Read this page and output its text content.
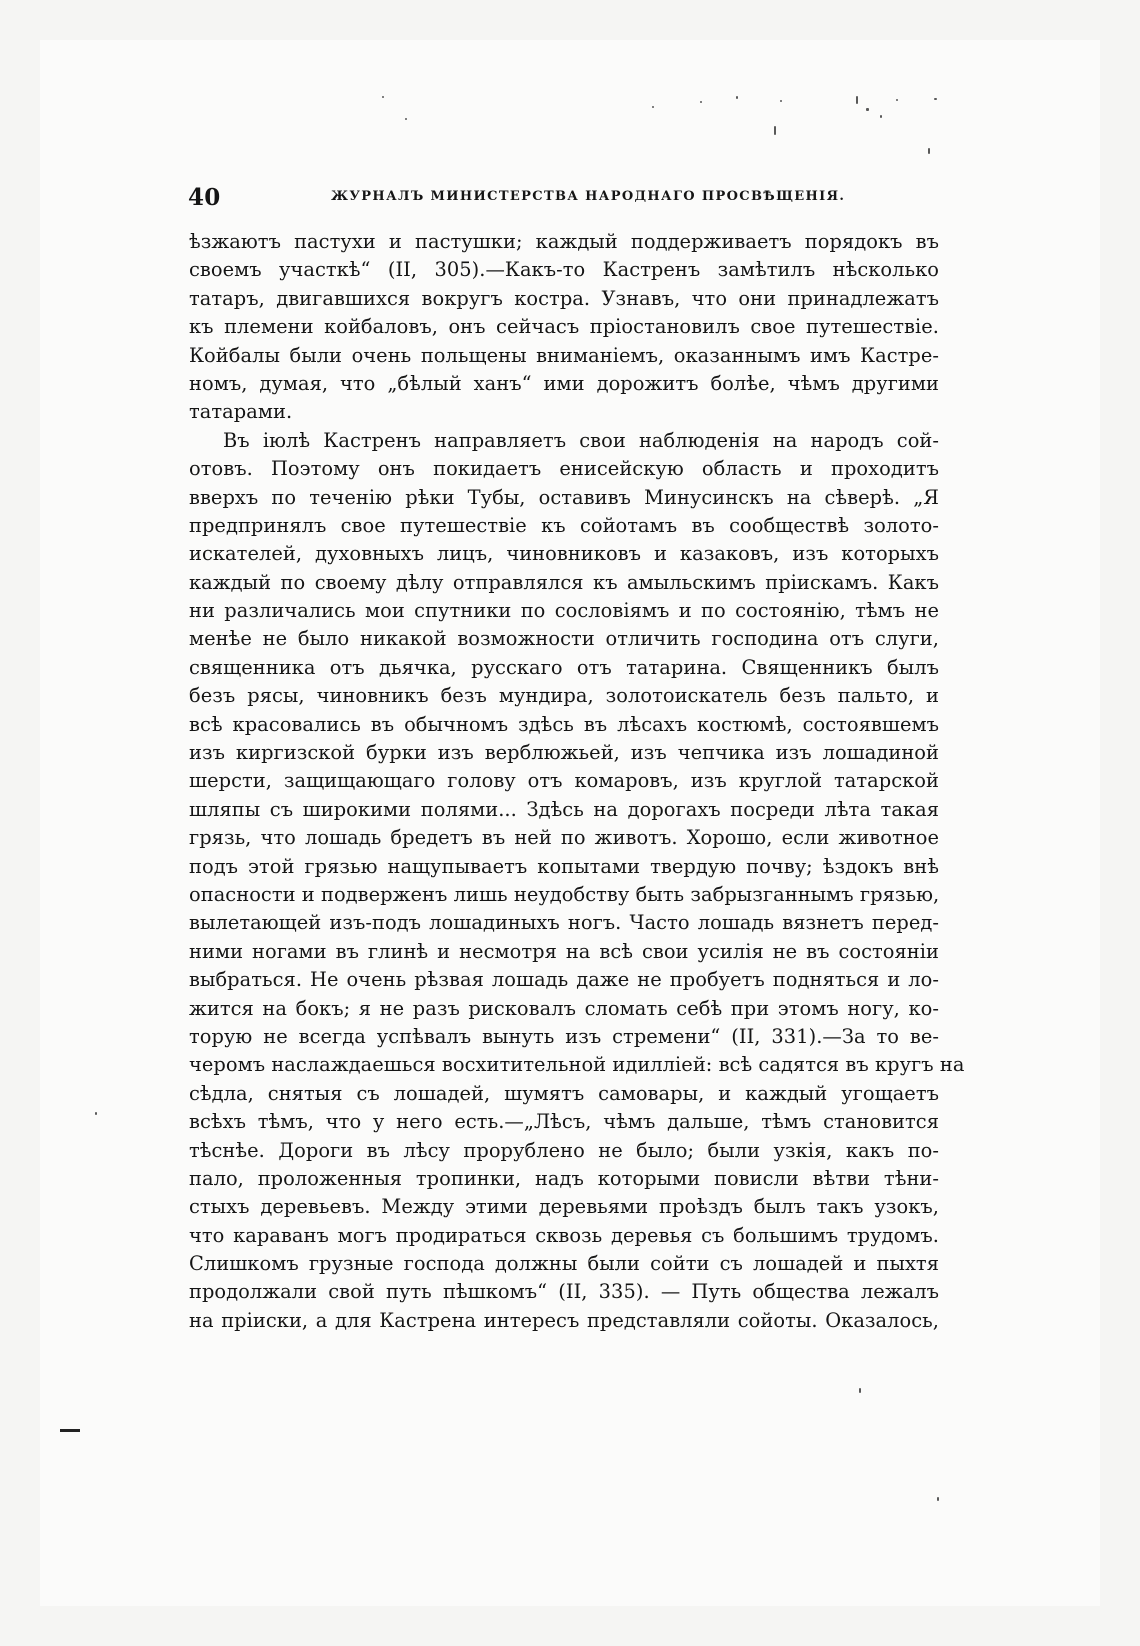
40	ЖУРНАЛЪ МИНИСТЕРСТВА НАРОДНАГО ПРОСВѢЩЕНІЯ.
ѣзжаютъ пастухи и пастушки; каждый поддерживаетъ порядокъ въ
своемъ участкѣ“ (II, 305).—Какъ-то Кастренъ замѣтилъ нѣсколько
татаръ, двигавшихся вокругъ костра. Узнавъ, что они принадлежатъ
къ племени койбаловъ, онъ сейчасъ пріостановилъ свое путешествіе.
Койбалы были очень польщены вниманіемъ, оказаннымъ имъ Кастре-
номъ, думая, что „бѣлый ханъ“ ими дорожитъ болѣе, чѣмъ другими
татарами.
Въ іюлѣ Кастренъ направляетъ свои наблюденія на народъ сой-
отовъ. Поэтому онъ покидаетъ енисейскую область и проходитъ
вверхъ по теченію рѣки Тубы, оставивъ Минусинскъ на сѣверѣ. „Я
предпринялъ свое путешествіе къ сойотамъ въ сообществѣ золото-
искателей, духовныхъ лицъ, чиновниковъ и казаковъ, изъ которыхъ
каждый по своему дѣлу отправлялся къ амыльскимъ пріискамъ. Какъ
ни различались мои спутники по сословіямъ и по состоянію, тѣмъ не
менѣе не было никакой возможности отличить господина отъ слуги,
священника отъ дьячка, русскаго отъ татарина. Священникъ былъ
безъ рясы, чиновникъ безъ мундира, золотоискатель безъ пальто, и
всѣ красовались въ обычномъ здѣсь въ лѣсахъ костюмѣ, состоявшемъ
изъ киргизской бурки изъ верблюжьей, изъ чепчика изъ лошадиной
шерсти, защищающаго голову отъ комаровъ, изъ круглой татарской
шляпы съ широкими полями... Здѣсь на дорогахъ посреди лѣта такая
грязь, что лошадь бредетъ въ ней по животъ. Хорошо, если животное
подъ этой грязью нащупываетъ копытами твердую почву; ѣздокъ внѣ
опасности и подверженъ лишь неудобству быть забрызганнымъ грязью,
вылетающей изъ-подъ лошадиныхъ ногъ. Часто лошадь вязнетъ перед-
ними ногами въ глинѣ и несмотря на всѣ свои усилія не въ состояніи
выбраться. Не очень рѣзвая лошадь даже не пробуетъ подняться и ло-
жится на бокъ; я не разъ рисковалъ сломать себѣ при этомъ ногу, ко-
торую не всегда успѣвалъ вынуть изъ стремени“ (II, 331).—За то ве-
черомъ наслаждаешься восхитительной идилліей: всѣ садятся въ кругъ на
сѣдла, снятыя съ лошадей, шумятъ самовары, и каждый угощаетъ
всѣхъ тѣмъ, что у него есть.—„Лѣсъ, чѣмъ дальше, тѣмъ становится
тѣснѣе. Дороги въ лѣсу прорублено не было; были узкія, какъ по-
пало, проложенныя тропинки, надъ которыми повисли вѣтви тѣни-
стыхъ деревьевъ. Между этими деревьями проѣздъ былъ такъ узокъ,
что караванъ могъ продираться сквозь деревья съ большимъ трудомъ.
Слишкомъ грузные господа должны были сойти съ лошадей и пыхтя
продолжали свой путь пѣшкомъ“ (II, 335). — Путь общества лежалъ
на пріиски, а для Кастрена интересъ представляли сойоты. Оказалось,
